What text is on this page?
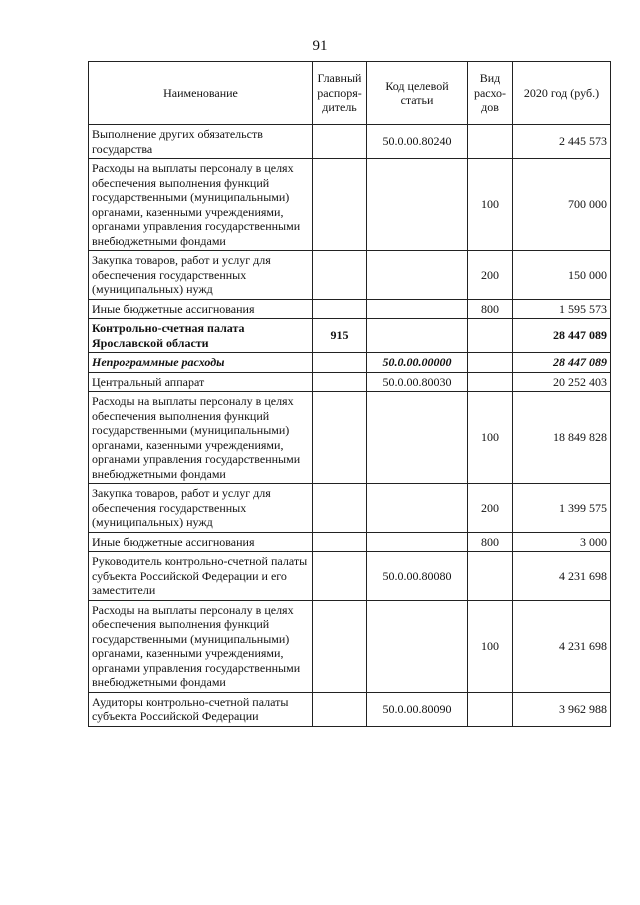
91
Наименование	Главный распоря-дитель	Код целевой статьи	Вид расхо-дов	2020 год (руб.)
Выполнение других обязательств государства		50.0.00.80240		2 445 573
Расходы на выплаты персоналу в целях обеспечения выполнения функций государственными (муниципальными) органами, казенными учреждениями, органами управления государственными внебюджетными фондами			100	700 000
Закупка товаров, работ и услуг для обеспечения государственных (муниципальных) нужд			200	150 000
Иные бюджетные ассигнования			800	1 595 573
Контрольно-счетная палата Ярославской области	915			28 447 089
Непрограммные расходы		50.0.00.00000		28 447 089
Центральный аппарат		50.0.00.80030		20 252 403
Расходы на выплаты персоналу в целях обеспечения выполнения функций государственными (муниципальными) органами, казенными учреждениями, органами управления государственными внебюджетными фондами			100	18 849 828
Закупка товаров, работ и услуг для обеспечения государственных (муниципальных) нужд			200	1 399 575
Иные бюджетные ассигнования			800	3 000
Руководитель контрольно-счетной палаты субъекта Российской Федерации и его заместители		50.0.00.80080		4 231 698
Расходы на выплаты персоналу в целях обеспечения выполнения функций государственными (муниципальными) органами, казенными учреждениями, органами управления государственными внебюджетными фондами			100	4 231 698
Аудиторы контрольно-счетной палаты субъекта Российской Федерации		50.0.00.80090		3 962 988
